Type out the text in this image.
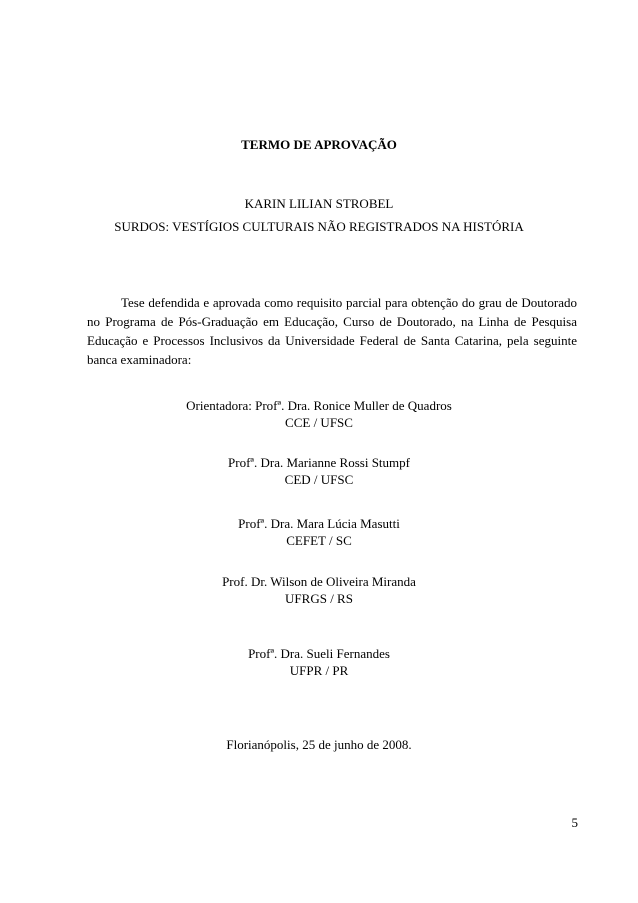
TERMO DE APROVAÇÃO
KARIN LILIAN STROBEL
SURDOS: VESTÍGIOS CULTURAIS NÃO REGISTRADOS NA HISTÓRIA
Tese defendida e aprovada como requisito parcial para obtenção do grau de Doutorado
no Programa de Pós-Graduação em Educação, Curso de Doutorado, na Linha de Pesquisa
Educação e Processos Inclusivos da Universidade Federal de Santa Catarina, pela seguinte
banca examinadora:
Orientadora: Profª. Dra. Ronice Muller de Quadros
CCE / UFSC
Profª. Dra. Marianne Rossi Stumpf
CED / UFSC
Profª. Dra. Mara Lúcia Masutti
CEFET / SC
Prof. Dr. Wilson de Oliveira Miranda
UFRGS / RS
Profª. Dra. Sueli Fernandes
UFPR / PR
Florianópolis, 25 de junho de 2008.
5
